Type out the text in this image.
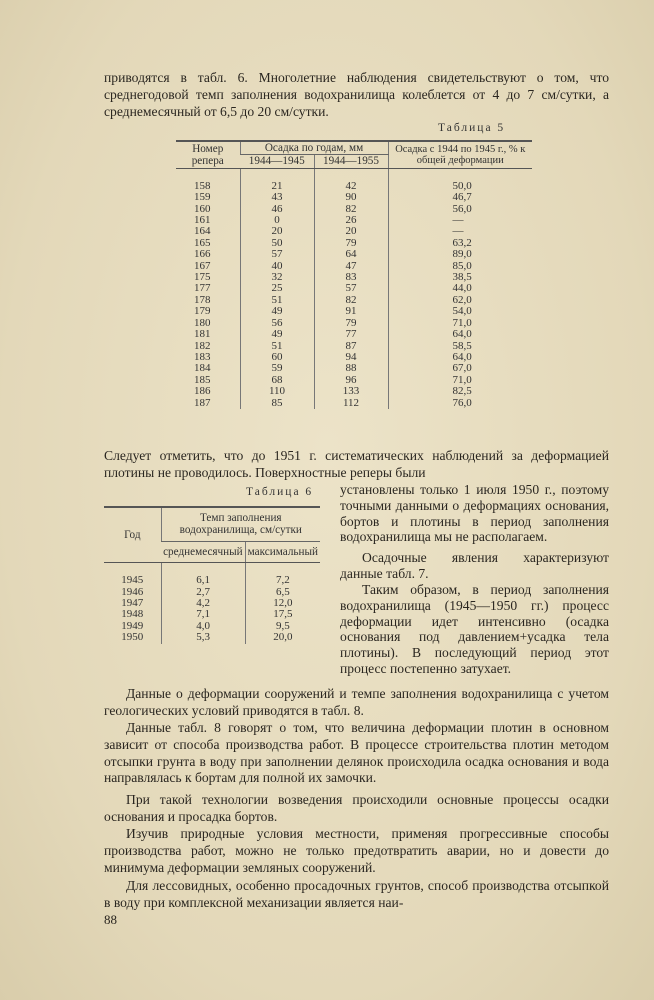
приводятся в табл. 6. Многолетние наблюдения свидетельствуют о том, что среднегодовой темп заполнения водохранилища колеблется от 4 до 7 см/сутки, а среднемесячный от 6,5 до 20 см/сутки.

Таблица 5
Номер репера	Осадка по годам, мм		Осадка с 1944 по 1945 г., % к общей деформации
	1944—1945	1944—1955	
158	21	42	50,0
159	43	90	46,7
160	46	82	56,0
161	0	26	—
164	20	20	—
165	50	79	63,2
166	57	64	89,0
167	40	47	85,0
175	32	83	38,5
177	25	57	44,0
178	51	82	62,0
179	49	91	54,0
180	56	79	71,0
181	49	77	64,0
182	51	87	58,5
183	60	94	64,0
184	59	88	67,0
185	68	96	71,0
186	110	133	82,5
187	85	112	76,0

Следует отметить, что до 1951 г. систематических наблюдений за деформацией плотины не проводилось. Поверхностные реперы были

Таблица 6
Год	Темп заполнения водохранилища, см/сутки	
	среднемесячный	максимальный
1945	6,1	7,2
1946	2,7	6,5
1947	4,2	12,0
1948	7,1	17,5
1949	4,0	9,5
1950	5,3	20,0

установлены только 1 июля 1950 г., поэтому точными данными о деформациях основания, бортов и плотины в период заполнения водохранилища мы не располагаем.

Осадочные явления характеризуют данные табл. 7.

Таким образом, в период заполнения водохранилища (1945—1950 гг.) процесс деформации идет интенсивно (осадка основания под давлением+усадка тела плотины). В последующий период этот процесс постепенно затухает.

Данные о деформации сооружений и темпе заполнения водохранилища с учетом геологических условий приводятся в табл. 8.

Данные табл. 8 говорят о том, что величина деформации плотин в основном зависит от способа производства работ. В процессе строительства плотин методом отсыпки грунта в воду при заполнении делянок происходила осадка основания и вода направлялась к бортам для полной их замочки.

При такой технологии возведения происходили основные процессы осадки основания и просадка бортов.

Изучив природные условия местности, применяя прогрессивные способы производства работ, можно не только предотвратить аварии, но и довести до минимума деформации земляных сооружений.

Для лессовидных, особенно просадочных грунтов, способ производства отсыпкой в воду при комплексной механизации является наи-

88
